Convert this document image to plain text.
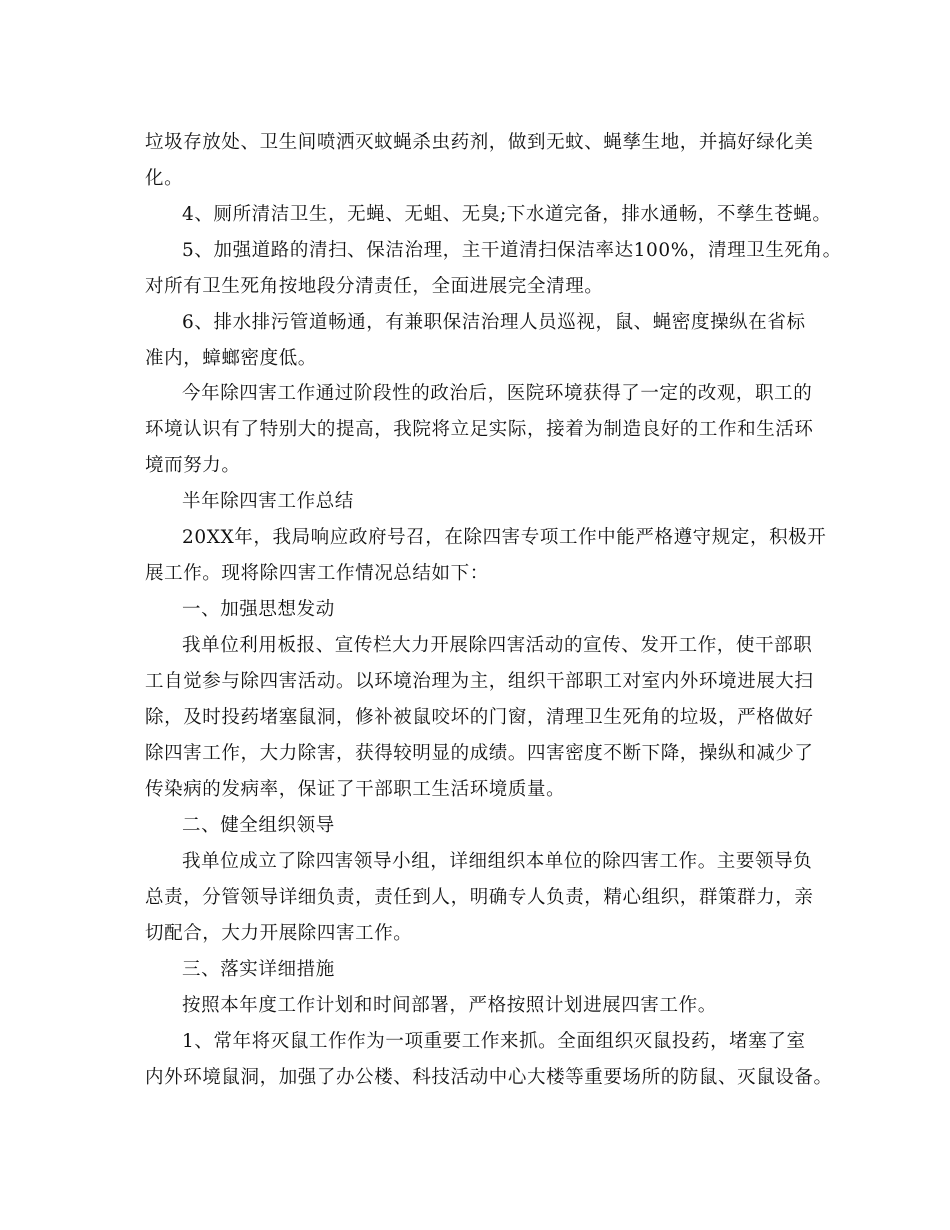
垃圾存放处、卫生间喷洒灭蚊蝇杀虫药剂，做到无蚊、蝇孳生地，并搞好绿化美
化。
4、厕所清洁卫生，无蝇、无蛆、无臭;下水道完备，排水通畅，不孳生苍蝇。
5、加强道路的清扫、保洁治理，主干道清扫保洁率达100%，清理卫生死角。
对所有卫生死角按地段分清责任，全面进展完全清理。
6、排水排污管道畅通，有兼职保洁治理人员巡视，鼠、蝇密度操纵在省标
准内，蟑螂密度低。
今年除四害工作通过阶段性的政治后，医院环境获得了一定的改观，职工的
环境认识有了特别大的提高，我院将立足实际，接着为制造良好的工作和生活环
境而努力。
半年除四害工作总结
20XX年，我局响应政府号召，在除四害专项工作中能严格遵守规定，积极开
展工作。现将除四害工作情况总结如下：
一、加强思想发动
我单位利用板报、宣传栏大力开展除四害活动的宣传、发开工作，使干部职
工自觉参与除四害活动。以环境治理为主，组织干部职工对室内外环境进展大扫
除，及时投药堵塞鼠洞，修补被鼠咬坏的门窗，清理卫生死角的垃圾，严格做好
除四害工作，大力除害，获得较明显的成绩。四害密度不断下降，操纵和减少了
传染病的发病率，保证了干部职工生活环境质量。
二、健全组织领导
我单位成立了除四害领导小组，详细组织本单位的除四害工作。主要领导负
总责，分管领导详细负责，责任到人，明确专人负责，精心组织，群策群力，亲
切配合，大力开展除四害工作。
三、落实详细措施
按照本年度工作计划和时间部署，严格按照计划进展四害工作。
1、常年将灭鼠工作作为一项重要工作来抓。全面组织灭鼠投药，堵塞了室
内外环境鼠洞，加强了办公楼、科技活动中心大楼等重要场所的防鼠、灭鼠设备。
